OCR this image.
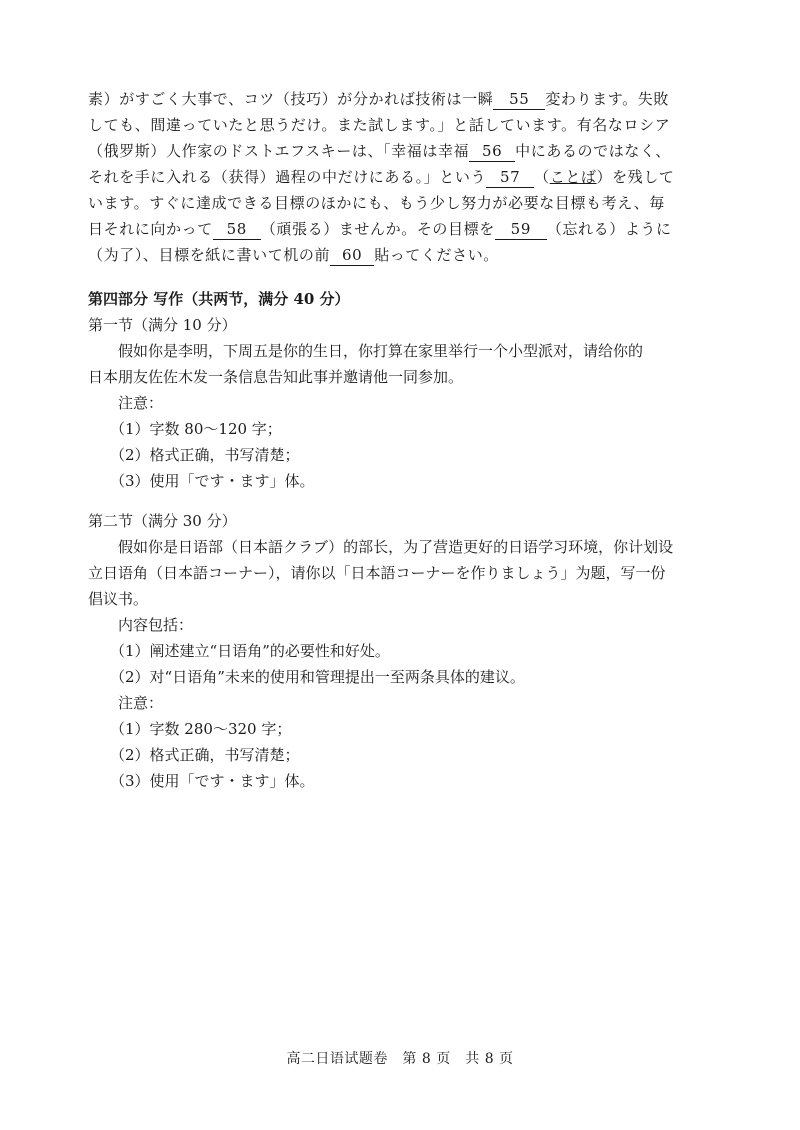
素）がすごく大事で、コツ（技巧）が分かれば技術は一瞬 55 変わります。失敗
しても、間違っていたと思うだけ。また試します。」と話しています。有名なロシア
（俄罗斯）人作家のドストエフスキーは、「幸福は幸福 56 中にあるのではなく、
それを手に入れる（获得）過程の中だけにある。」という 57 （ことば）を残して
います。すぐに達成できる目標のほかにも、もう少し努力が必要な目標も考え、毎
日それに向かって 58 （頑張る）ませんか。その目標を 59 （忘れる）ように
（为了）、目標を紙に書いて机の前 60 貼ってください。
第四部分 写作（共两节，满分 40 分）
第一节（满分 10 分）
假如你是李明，下周五是你的生日，你打算在家里举行一个小型派对，请给你的
日本朋友佐佐木发一条信息告知此事并邀请他一同参加。
注意：
（1）字数 80～120 字；
（2）格式正确，书写清楚；
（3）使用「です・ます」体。
第二节（满分 30 分）
假如你是日语部（日本語クラブ）的部长，为了营造更好的日语学习环境，你计划设
立日语角（日本語コーナー），请你以「日本語コーナーを作りましょう」为题，写一份
倡议书。
内容包括：
（1）阐述建立“日语角”的必要性和好处。
（2）对“日语角”未来的使用和管理提出一至两条具体的建议。
注意：
（1）字数 280～320 字；
（2）格式正确，书写清楚；
（3）使用「です・ます」体。
高二日语试题卷　第 8 页　共 8 页
